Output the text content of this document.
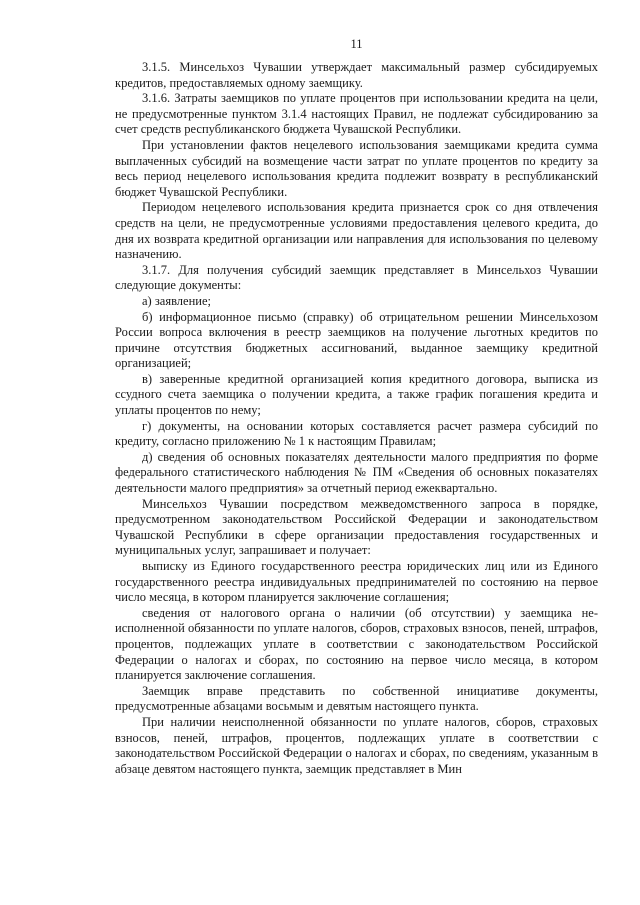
11

3.1.5. Минсельхоз Чувашии утверждает максимальный размер субсидируемых кредитов, предоставляемых одному заемщику.

3.1.6. Затраты заемщиков по уплате процентов при использовании кредита на цели, не предусмотренные пунктом 3.1.4 настоящих Правил, не подлежат субсидированию за счет средств республиканского бюджета Чувашской Республики.

При установлении фактов нецелевого использования заемщиками кредита сумма выплаченных субсидий на возмещение части затрат по уплате процентов по кредиту за весь период нецелевого использования кредита подлежит возврату в республиканский бюджет Чувашской Республики.

Периодом нецелевого использования кредита признается срок со дня отвлечения средств на цели, не предусмотренные условиями предоставления целевого кредита, до дня их возврата кредитной организации или направления для использования по целевому назначению.

3.1.7. Для получения субсидий заемщик представляет в Минсельхоз Чувашии следующие документы:

а) заявление;

б) информационное письмо (справку) об отрицательном решении Минсельхозом России вопроса включения в реестр заемщиков на получение льготных кредитов по причине отсутствия бюджетных ассигнований, выданное заемщику кредитной организацией;

в) заверенные кредитной организацией копия кредитного договора, выписка из ссудного счета заемщика о получении кредита, а также график погашения кредита и уплаты процентов по нему;

г) документы, на основании которых составляется расчет размера субсидий по кредиту, согласно приложению № 1 к настоящим Правилам;

д) сведения об основных показателях деятельности малого предприятия по форме федерального статистического наблюдения № ПМ «Сведения об основных показателях деятельности малого предприятия» за отчетный период ежеквартально.

Минсельхоз Чувашии посредством межведомственного запроса в порядке, предусмотренном законодательством Российской Федерации и законодательством Чувашской Республики в сфере организации предоставления государственных и муниципальных услуг, запрашивает и получает:

выписку из Единого государственного реестра юридических лиц или из Единого государственного реестра индивидуальных предпринимателей по состоянию на первое число месяца, в котором планируется заключение соглашения;

сведения от налогового органа о наличии (об отсутствии) у заемщика неисполненной обязанности по уплате налогов, сборов, страховых взносов, пеней, штрафов, процентов, подлежащих уплате в соответствии с законодательством Российской Федерации о налогах и сборах, по состоянию на первое число месяца, в котором планируется заключение соглашения.

Заемщик вправе представить по собственной инициативе документы, предусмотренные абзацами восьмым и девятым настоящего пункта.

При наличии неисполненной обязанности по уплате налогов, сборов, страховых взносов, пеней, штрафов, процентов, подлежащих уплате в соответствии с законодательством Российской Федерации о налогах и сборах, по сведениям, указанным в абзаце девятом настоящего пункта, заемщик представляет в Мин
